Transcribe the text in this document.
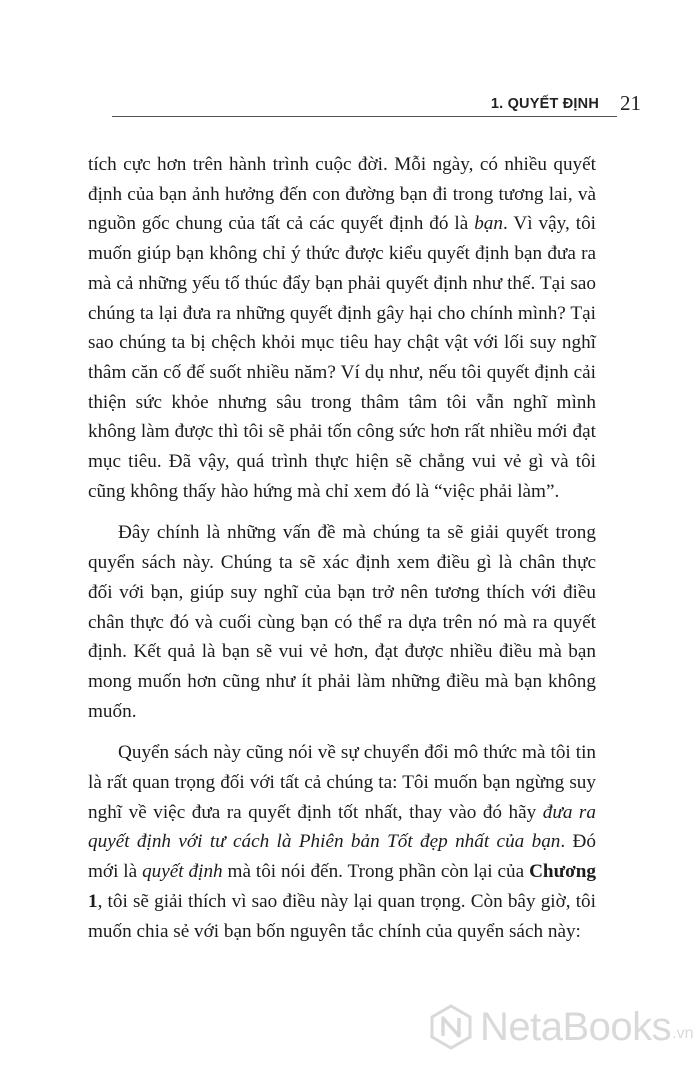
1. QUYẾT ĐỊNH 21

tích cực hơn trên hành trình cuộc đời. Mỗi ngày, có nhiều quyết định của bạn ảnh hưởng đến con đường bạn đi trong tương lai, và nguồn gốc chung của tất cả các quyết định đó là bạn. Vì vậy, tôi muốn giúp bạn không chỉ ý thức được kiểu quyết định bạn đưa ra mà cả những yếu tố thúc đẩy bạn phải quyết định như thế. Tại sao chúng ta lại đưa ra những quyết định gây hại cho chính mình? Tại sao chúng ta bị chệch khỏi mục tiêu hay chật vật với lối suy nghĩ thâm căn cố đế suốt nhiều năm? Ví dụ như, nếu tôi quyết định cải thiện sức khỏe nhưng sâu trong thâm tâm tôi vẫn nghĩ mình không làm được thì tôi sẽ phải tốn công sức hơn rất nhiều mới đạt mục tiêu. Đã vậy, quá trình thực hiện sẽ chẳng vui vẻ gì và tôi cũng không thấy hào hứng mà chỉ xem đó là “việc phải làm”.

Đây chính là những vấn đề mà chúng ta sẽ giải quyết trong quyển sách này. Chúng ta sẽ xác định xem điều gì là chân thực đối với bạn, giúp suy nghĩ của bạn trở nên tương thích với điều chân thực đó và cuối cùng bạn có thể ra dựa trên nó mà ra quyết định. Kết quả là bạn sẽ vui vẻ hơn, đạt được nhiều điều mà bạn mong muốn hơn cũng như ít phải làm những điều mà bạn không muốn.

Quyển sách này cũng nói về sự chuyển đổi mô thức mà tôi tin là rất quan trọng đối với tất cả chúng ta: Tôi muốn bạn ngừng suy nghĩ về việc đưa ra quyết định tốt nhất, thay vào đó hãy đưa ra quyết định với tư cách là Phiên bản Tốt đẹp nhất của bạn. Đó mới là quyết định mà tôi nói đến. Trong phần còn lại của Chương 1, tôi sẽ giải thích vì sao điều này lại quan trọng. Còn bây giờ, tôi muốn chia sẻ với bạn bốn nguyên tắc chính của quyển sách này:

NetaBooks .vn
